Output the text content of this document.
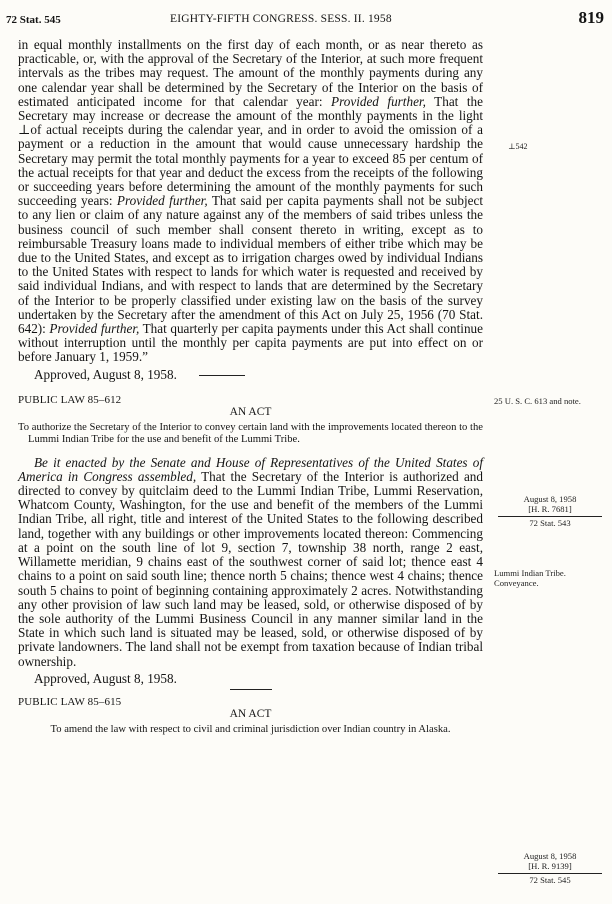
72 Stat. 545	EIGHTY-FIFTH CONGRESS. SESS. II. 1958	819

in equal monthly installments on the first day of each month, or as near thereto as practicable, or, with the approval of the Secretary of the Interior, at such more frequent intervals as the tribes may request. The amount of the monthly payments during any one calendar year shall be determined by the Secretary of the Interior on the basis of estimated anticipated income for that calendar year: Provided further, That the Secretary may increase or decrease the amount of the monthly payments in the light ⊥of actual receipts during the calendar year, and in order to avoid the omission of a payment or a reduction in the amount that would cause unnecessary hardship the Secretary may permit the total monthly payments for a year to exceed 85 per centum of the actual receipts for that year and deduct the excess from the receipts of the following or succeeding years before determining the amount of the monthly payments for such succeeding years: Provided further, That said per capita payments shall not be subject to any lien or claim of any nature against any of the members of said tribes unless the business council of such member shall consent thereto in writing, except as to reimbursable Treasury loans made to individual members of either tribe which may be due to the United States, and except as to irrigation charges owed by individual Indians to the United States with respect to lands for which water is requested and received by said individual Indians, and with respect to lands that are determined by the Secretary of the Interior to be properly classified under existing law on the basis of the survey undertaken by the Secretary after the amendment of this Act on July 25, 1956 (70 Stat. 642): Provided further, That quarterly per capita payments under this Act shall continue without interruption until the monthly per capita payments are put into effect on or before January 1, 1959.”

Approved, August 8, 1958.

PUBLIC LAW 85–612

AN ACT

To authorize the Secretary of the Interior to convey certain land with the improvements located thereon to the Lummi Indian Tribe for the use and benefit of the Lummi Tribe.

Be it enacted by the Senate and House of Representatives of the United States of America in Congress assembled, That the Secretary of the Interior is authorized and directed to convey by quitclaim deed to the Lummi Indian Tribe, Lummi Reservation, Whatcom County, Washington, for the use and benefit of the members of the Lummi Indian Tribe, all right, title and interest of the United States to the following described land, together with any buildings or other improvements located thereon: Commencing at a point on the south line of lot 9, section 7, township 38 north, range 2 east, Willamette meridian, 9 chains east of the southwest corner of said lot; thence east 4 chains to a point on said south line; thence north 5 chains; thence west 4 chains; thence south 5 chains to point of beginning containing approximately 2 acres. Notwithstanding any other provision of law such land may be leased, sold, or otherwise disposed of by the sole authority of the Lummi Business Council in any manner similar land in the State in which such land is situated may be leased, sold, or otherwise disposed of by private landowners. The land shall not be exempt from taxation because of Indian tribal ownership.

Approved, August 8, 1958.

PUBLIC LAW 85–615

AN ACT

To amend the law with respect to civil and criminal jurisdiction over Indian country in Alaska.

⊥542
25 U. S. C. 613 and note.
August 8, 1958
[H. R. 7681]
72 Stat. 543
Lummi Indian Tribe. Conveyance.
August 8, 1958
[H. R. 9139]
72 Stat. 545
